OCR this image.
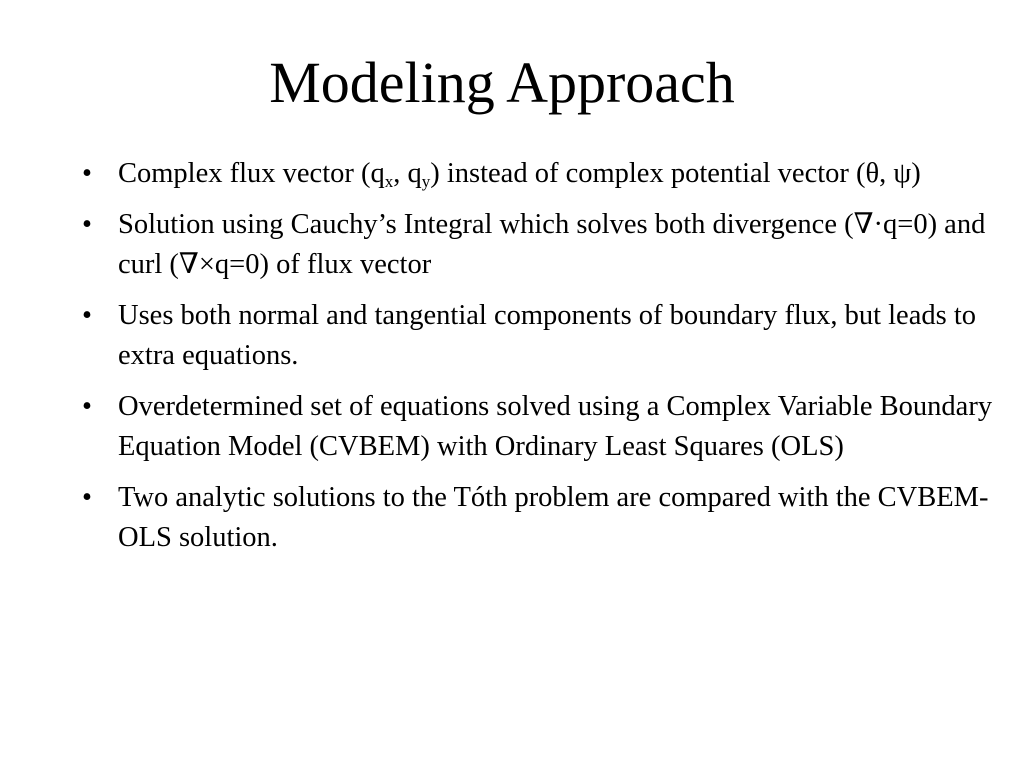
Modeling Approach
• Complex flux vector ($q_x$, $q_y$) instead of complex potential vector (θ, ψ)
• Solution using Cauchy’s Integral which solves both divergence (∇·q=0) and curl (∇×q=0) of flux vector
• Uses both normal and tangential components of boundary flux, but leads to extra equations.
• Overdetermined set of equations solved using a Complex Variable Boundary Equation Model (CVBEM) with Ordinary Least Squares (OLS)
• Two analytic solutions to the Tóth problem are compared with the CVBEM-OLS solution.
